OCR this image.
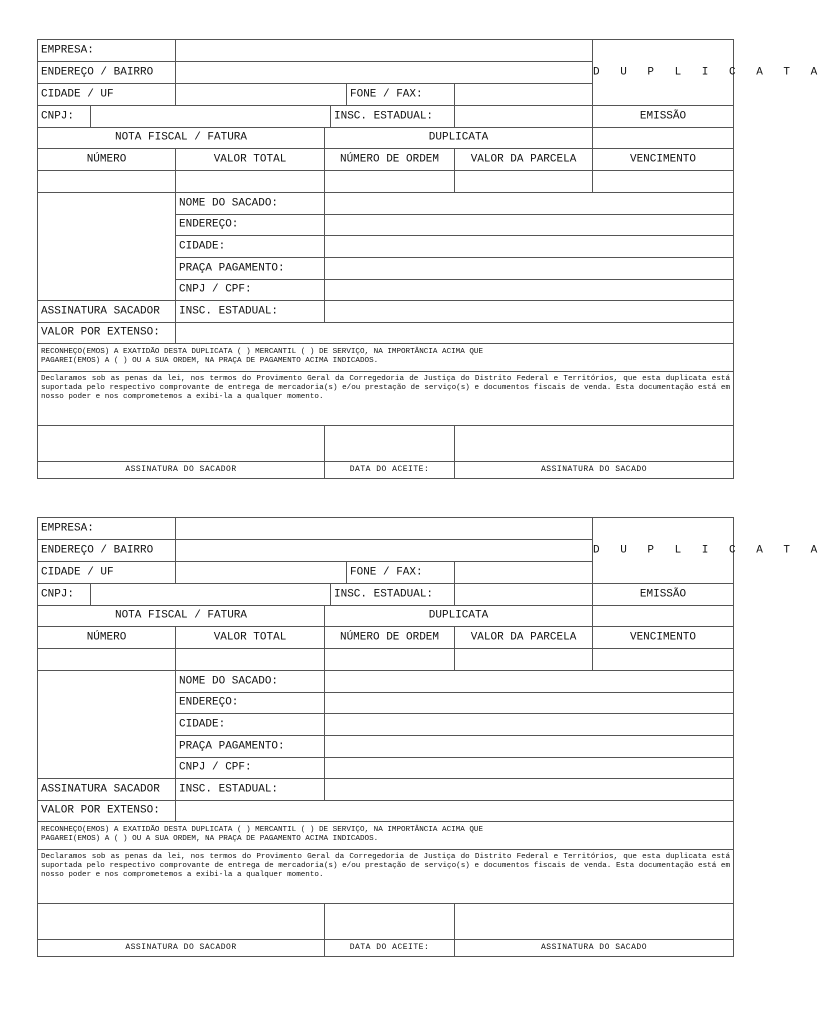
EMPRESA:
D U P L I C A T A
ENDEREÇO / BAIRRO
CIDADE / UF	FONE / FAX:
CNPJ:	INSC. ESTADUAL:	EMISSÃO
NOTA FISCAL / FATURA	DUPLICATA
NÚMERO	VALOR TOTAL	NÚMERO DE ORDEM	VALOR DA PARCELA	VENCIMENTO
NOME DO SACADO:
ENDEREÇO:
CIDADE:
PRAÇA PAGAMENTO:
CNPJ / CPF:
ASSINATURA SACADOR INSC. ESTADUAL:
VALOR POR EXTENSO:
RECONHEÇO(EMOS) A EXATIDÃO DESTA DUPLICATA ( ) MERCANTIL ( ) DE SERVIÇO, NA IMPORTÂNCIA ACIMA QUE
PAGAREI(EMOS) A ( ) OU A SUA ORDEM, NA PRAÇA DE PAGAMENTO ACIMA INDICADOS.
Declaramos sob as penas da lei, nos termos do Provimento Geral da Corregedoria de Justiça do Distrito Federal e Territórios, que esta duplicata está suportada pelo respectivo comprovante de entrega de mercadoria(s) e/ou prestação de serviço(s) e documentos fiscais de venda. Esta documentação está em nosso poder e nos comprometemos a exibi-la a qualquer momento.
ASSINATURA DO SACADOR	DATA DO ACEITE:	ASSINATURA DO SACADO
EMPRESA:
D U P L I C A T A
ENDEREÇO / BAIRRO
CIDADE / UF	FONE / FAX:
CNPJ:	INSC. ESTADUAL:	EMISSÃO
NOTA FISCAL / FATURA	DUPLICATA
NÚMERO	VALOR TOTAL	NÚMERO DE ORDEM	VALOR DA PARCELA	VENCIMENTO
NOME DO SACADO:
ENDEREÇO:
CIDADE:
PRAÇA PAGAMENTO:
CNPJ / CPF:
ASSINATURA SACADOR INSC. ESTADUAL:
VALOR POR EXTENSO:
RECONHEÇO(EMOS) A EXATIDÃO DESTA DUPLICATA ( ) MERCANTIL ( ) DE SERVIÇO, NA IMPORTÂNCIA ACIMA QUE
PAGAREI(EMOS) A ( ) OU A SUA ORDEM, NA PRAÇA DE PAGAMENTO ACIMA INDICADOS.
Declaramos sob as penas da lei, nos termos do Provimento Geral da Corregedoria de Justiça do Distrito Federal e Territórios, que esta duplicata está suportada pelo respectivo comprovante de entrega de mercadoria(s) e/ou prestação de serviço(s) e documentos fiscais de venda. Esta documentação está em nosso poder e nos comprometemos a exibi-la a qualquer momento.
ASSINATURA DO SACADOR	DATA DO ACEITE:	ASSINATURA DO SACADO
